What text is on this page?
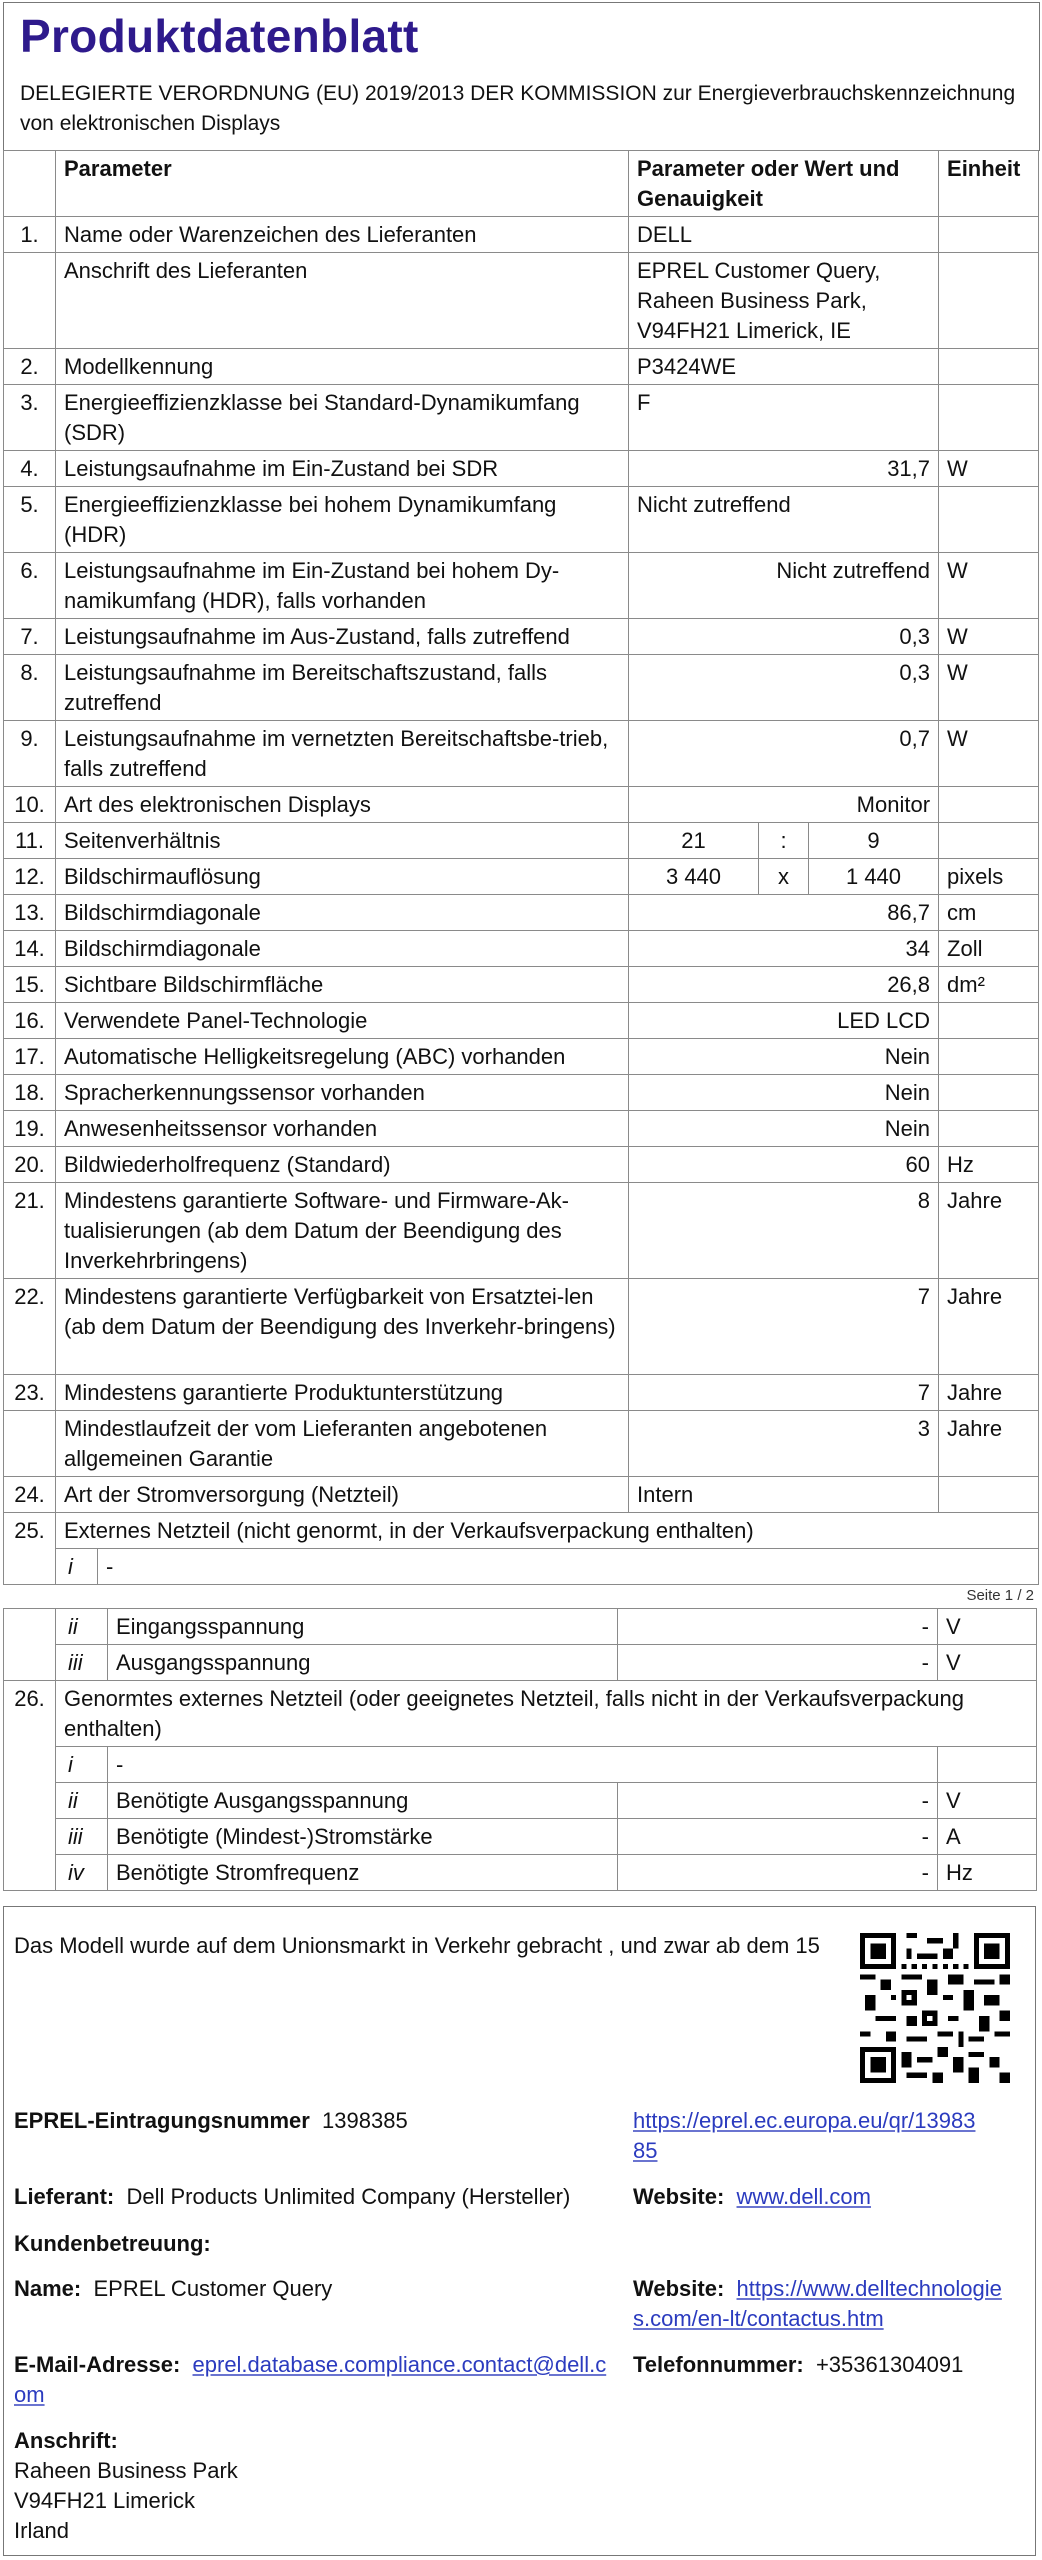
Produktdatenblatt
DELEGIERTE VERORDNUNG (EU) 2019/2013 DER KOMMISSION zur Energieverbrauchskennzeichnung von elektronischen Displays
	Parameter	Parameter oder Wert und Genauigkeit			Einheit
1.	Name oder Warenzeichen des Lieferanten	DELL			
	Anschrift des Lieferanten	EPREL Customer Query, Raheen Business Park, V94FH21 Limerick, IE			
2.	Modellkennung	P3424WE			
3.	Energieeffizienzklasse bei Standard-Dynamikumfang (SDR)	F			
4.	Leistungsaufnahme im Ein-Zustand bei SDR	31,7			W
5.	Energieeffizienzklasse bei hohem Dynamikumfang (HDR)	Nicht zutreffend			
6.	Leistungsaufnahme im Ein-Zustand bei hohem Dy-namikumfang (HDR), falls vorhanden	Nicht zutreffend			W
7.	Leistungsaufnahme im Aus-Zustand, falls zutreffend	0,3			W
8.	Leistungsaufnahme im Bereitschaftszustand, falls zutreffend	0,3			W
9.	Leistungsaufnahme im vernetzten Bereitschaftsbe-trieb, falls zutreffend	0,7			W
10.	Art des elektronischen Displays	Monitor			
11.	Seitenverhältnis	21	:	9	
12.	Bildschirmauflösung	3 440	x	1 440	pixels
13.	Bildschirmdiagonale	86,7			cm
14.	Bildschirmdiagonale	34			Zoll
15.	Sichtbare Bildschirmfläche	26,8			dm²
16.	Verwendete Panel-Technologie	LED LCD			
17.	Automatische Helligkeitsregelung (ABC) vorhanden	Nein			
18.	Spracherkennungssensor vorhanden	Nein			
19.	Anwesenheitssensor vorhanden	Nein			
20.	Bildwiederholfrequenz (Standard)	60			Hz
21.	Mindestens garantierte Software- und Firmware-Ak-tualisierungen (ab dem Datum der Beendigung des Inverkehrbringens)	8			Jahre
22.	Mindestens garantierte Verfügbarkeit von Ersatztei-len (ab dem Datum der Beendigung des Inverkehr-bringens)	7			Jahre
23.	Mindestens garantierte Produktunterstützung	7			Jahre
	Mindestlaufzeit der vom Lieferanten angebotenen allgemeinen Garantie	3			Jahre
24.	Art der Stromversorgung (Netzteil)	Intern			
25.	Externes Netzteil (nicht genormt, in der Verkaufsverpackung enthalten)	
	i	-
Seite 1 / 2
	ii	Eingangsspannung	-	V
	iii	Ausgangsspannung	-	V
26.	Genormtes externes Netzteil (oder geeignetes Netzteil, falls nicht in der Verkaufsverpackung enthalten)			
	i	-		
	ii	Benötigte Ausgangsspannung	-	V
	iii	Benötigte (Mindest-)Stromstärke	-	A
	iv	Benötigte Stromfrequenz	-	Hz
Das Modell wurde auf dem Unionsmarkt in Verkehr gebracht , und zwar ab dem 15
EPREL-Eintragungsnummer 1398385	https://eprel.ec.europa.eu/qr/1398385
Lieferant: Dell Products Unlimited Company (Hersteller)	Website: www.dell.com
Kundenbetreuung:
Name: EPREL Customer Query	Website: https://www.delltechnologies.com/en-lt/contactus.htm
E-Mail-Adresse: eprel.database.compliance.contact@dell.com
Telefonnummer: +35361304091
Anschrift:
Raheen Business Park
V94FH21 Limerick
Irland
